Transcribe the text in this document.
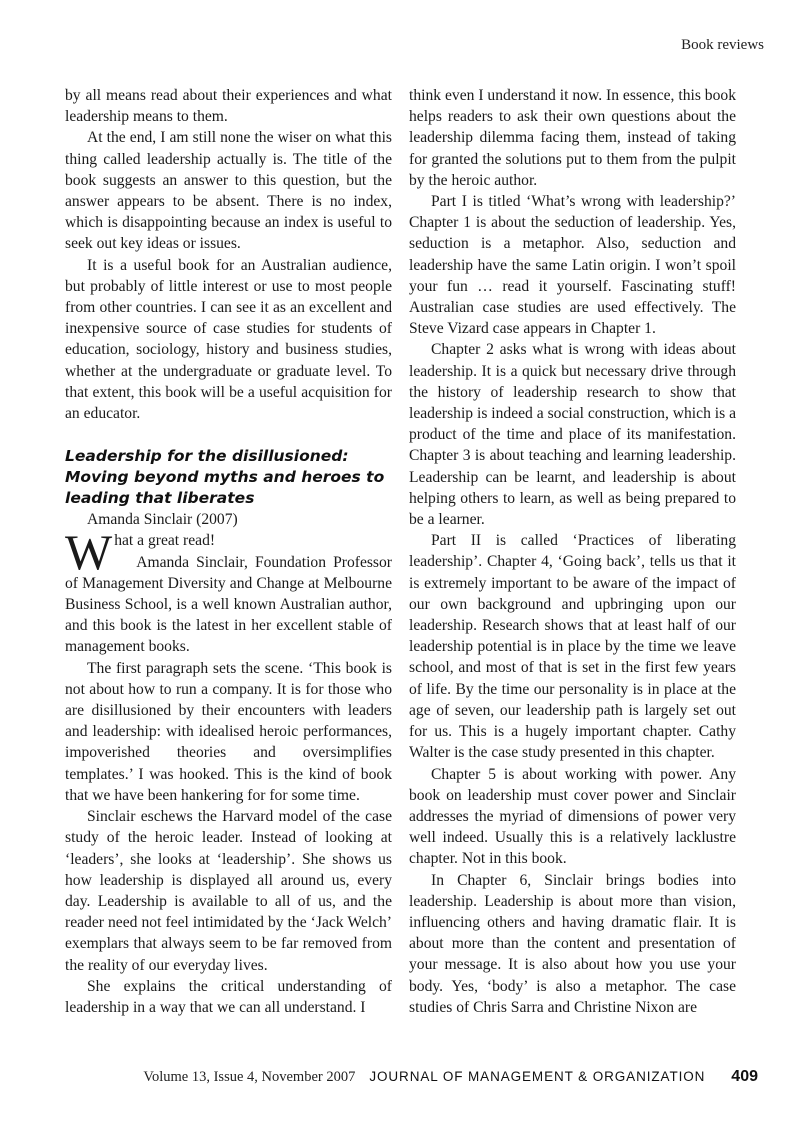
Book reviews

by all means read about their experiences and what leadership means to them.

At the end, I am still none the wiser on what this thing called leadership actually is. The title of the book suggests an answer to this question, but the answer appears to be absent. There is no index, which is disappointing because an index is useful to seek out key ideas or issues.

It is a useful book for an Australian audience, but probably of little interest or use to most people from other countries. I can see it as an excellent and inexpensive source of case studies for students of education, sociology, history and business studies, whether at the undergraduate or graduate level. To that extent, this book will be a useful acquisition for an educator.

Leadership for the disillusioned: Moving beyond myths and heroes to leading that liberates

Amanda Sinclair (2007)

What a great read!

Amanda Sinclair, Foundation Professor of Management Diversity and Change at Melbourne Business School, is a well known Australian author, and this book is the latest in her excellent stable of management books.

The first paragraph sets the scene. ‘This book is not about how to run a company. It is for those who are disillusioned by their encounters with leaders and leadership: with idealised heroic performances, impoverished theories and oversimplifies templates.’ I was hooked. This is the kind of book that we have been hankering for for some time.

Sinclair eschews the Harvard model of the case study of the heroic leader. Instead of looking at ‘leaders’, she looks at ‘leadership’. She shows us how leadership is displayed all around us, every day. Leadership is available to all of us, and the reader need not feel intimidated by the ‘Jack Welch’ exemplars that always seem to be far removed from the reality of our everyday lives.

She explains the critical understanding of leadership in a way that we can all understand. I

think even I understand it now. In essence, this book helps readers to ask their own questions about the leadership dilemma facing them, instead of taking for granted the solutions put to them from the pulpit by the heroic author.

Part I is titled ‘What’s wrong with leadership?’ Chapter 1 is about the seduction of leadership. Yes, seduction is a metaphor. Also, seduction and leadership have the same Latin origin. I won’t spoil your fun … read it yourself. Fascinating stuff! Australian case studies are used effectively. The Steve Vizard case appears in Chapter 1.

Chapter 2 asks what is wrong with ideas about leadership. It is a quick but necessary drive through the history of leadership research to show that leadership is indeed a social construction, which is a product of the time and place of its manifestation. Chapter 3 is about teaching and learning leadership. Leadership can be learnt, and leadership is about helping others to learn, as well as being prepared to be a learner.

Part II is called ‘Practices of liberating leadership’. Chapter 4, ‘Going back’, tells us that it is extremely important to be aware of the impact of our own background and upbringing upon our leadership. Research shows that at least half of our leadership potential is in place by the time we leave school, and most of that is set in the first few years of life. By the time our personality is in place at the age of seven, our leadership path is largely set out for us. This is a hugely important chapter. Cathy Walter is the case study presented in this chapter.

Chapter 5 is about working with power. Any book on leadership must cover power and Sinclair addresses the myriad of dimensions of power very well indeed. Usually this is a relatively lacklustre chapter. Not in this book.

In Chapter 6, Sinclair brings bodies into leadership. Leadership is about more than vision, influencing others and having dramatic flair. It is about more than the content and presentation of your message. It is also about how you use your body. Yes, ‘body’ is also a metaphor. The case studies of Chris Sarra and Christine Nixon are

Volume 13, Issue 4, November 2007 JOURNAL OF MANAGEMENT & ORGANIZATION 409
